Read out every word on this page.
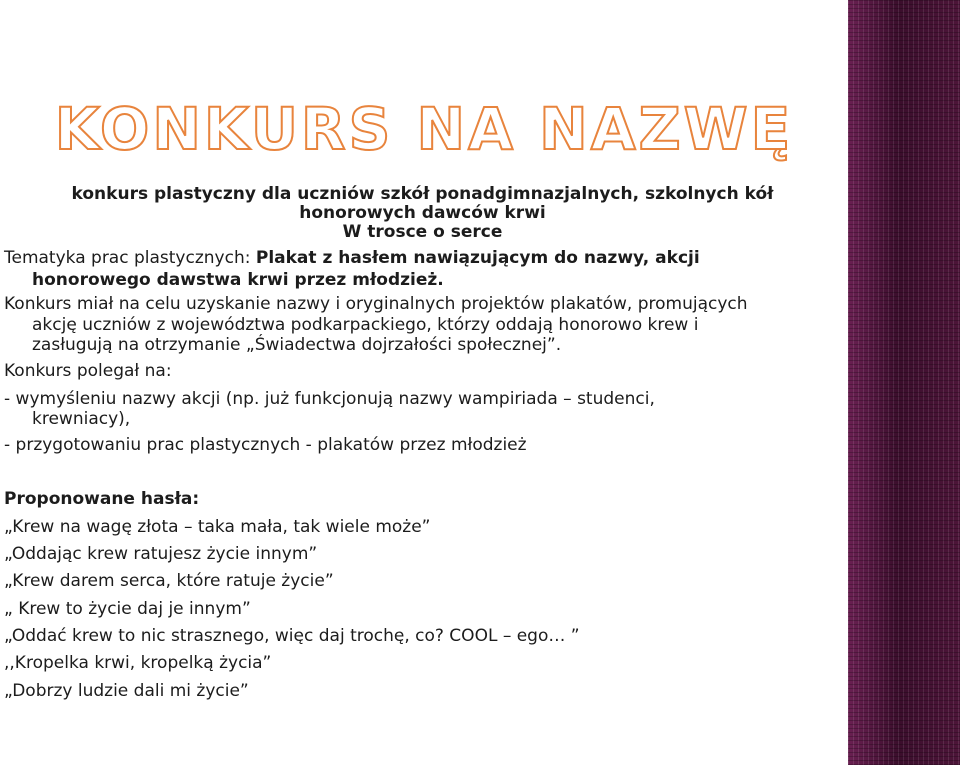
KONKURS NA NAZWĘ
konkurs plastyczny dla uczniów szkół ponadgimnazjalnych, szkolnych kół
honorowych dawców krwi
W trosce o serce
Tematyka prac plastycznych: Plakat z hasłem nawiązującym do nazwy, akcji
honorowego dawstwa krwi przez młodzież.
Konkurs miał na celu uzyskanie nazwy i oryginalnych projektów plakatów, promujących
akcję uczniów z województwa podkarpackiego, którzy oddają honorowo krew i
zasługują na otrzymanie „Świadectwa dojrzałości społecznej”.
Konkurs polegał na:
- wymyśleniu nazwy akcji (np. już funkcjonują nazwy wampiriada – studenci,
krewniacy),
- przygotowaniu prac plastycznych - plakatów przez młodzież
Proponowane hasła:
„Krew na wagę złota – taka mała, tak wiele może”
„Oddając krew ratujesz życie innym”
„Krew darem serca, które ratuje życie”
„ Krew to życie daj je innym”
„Oddać krew to nic strasznego, więc daj trochę, co? COOL – ego… ”
,,Kropelka krwi, kropelką życia”
„Dobrzy ludzie dali mi życie”
